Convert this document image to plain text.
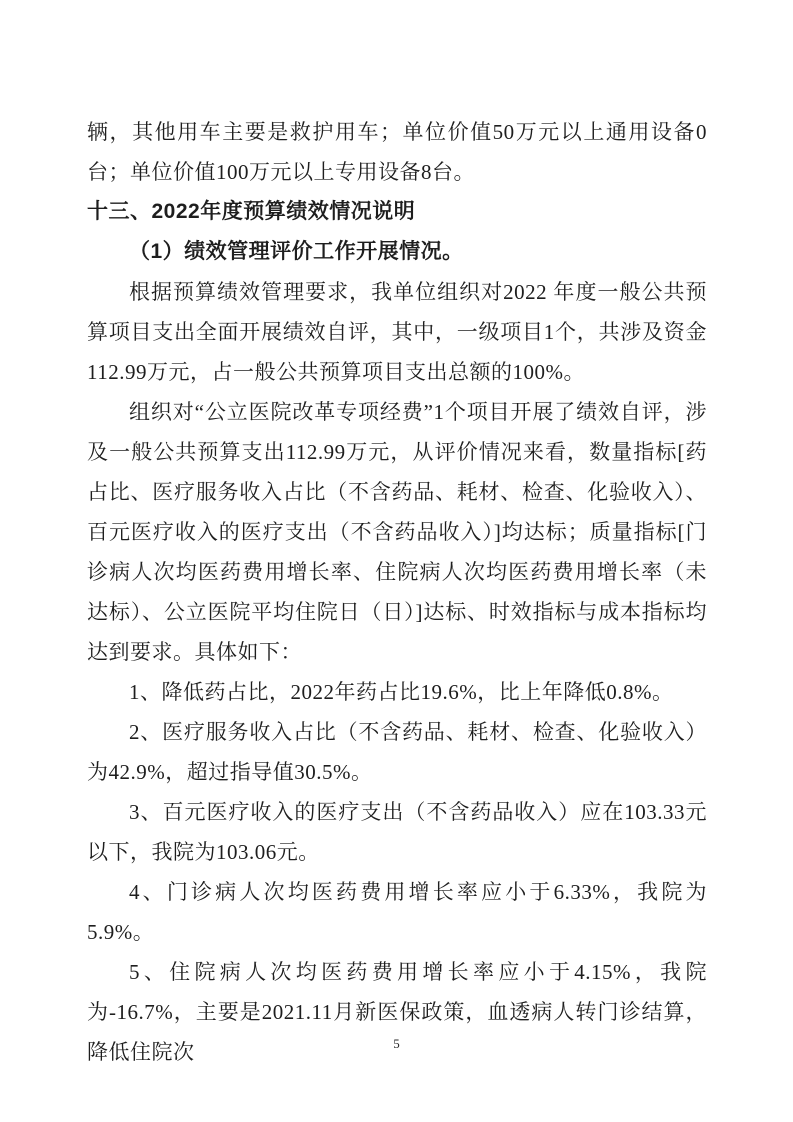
辆，其他用车主要是救护用车；单位价值50万元以上通用设备0台；单位价值100万元以上专用设备8台。

十三、2022年度预算绩效情况说明

（1）绩效管理评价工作开展情况。

根据预算绩效管理要求，我单位组织对2022 年度一般公共预算项目支出全面开展绩效自评，其中，一级项目1个，共涉及资金112.99万元，占一般公共预算项目支出总额的100%。

组织对“公立医院改革专项经费”1个项目开展了绩效自评，涉及一般公共预算支出112.99万元，从评价情况来看，数量指标[药占比、医疗服务收入占比（不含药品、耗材、检查、化验收入）、百元医疗收入的医疗支出（不含药品收入）]均达标；质量指标[门诊病人次均医药费用增长率、住院病人次均医药费用增长率（未达标）、公立医院平均住院日（日）]达标、时效指标与成本指标均达到要求。具体如下：

1、降低药占比，2022年药占比19.6%，比上年降低0.8%。

2、医疗服务收入占比（不含药品、耗材、检查、化验收入）为42.9%，超过指导值30.5%。

3、百元医疗收入的医疗支出（不含药品收入）应在103.33元以下，我院为103.06元。

4、门诊病人次均医药费用增长率应小于6.33%，我院为5.9%。

5、住院病人次均医药费用增长率应小于4.15%，我院为-16.7%，主要是2021.11月新医保政策，血透病人转门诊结算，降低住院次	5
